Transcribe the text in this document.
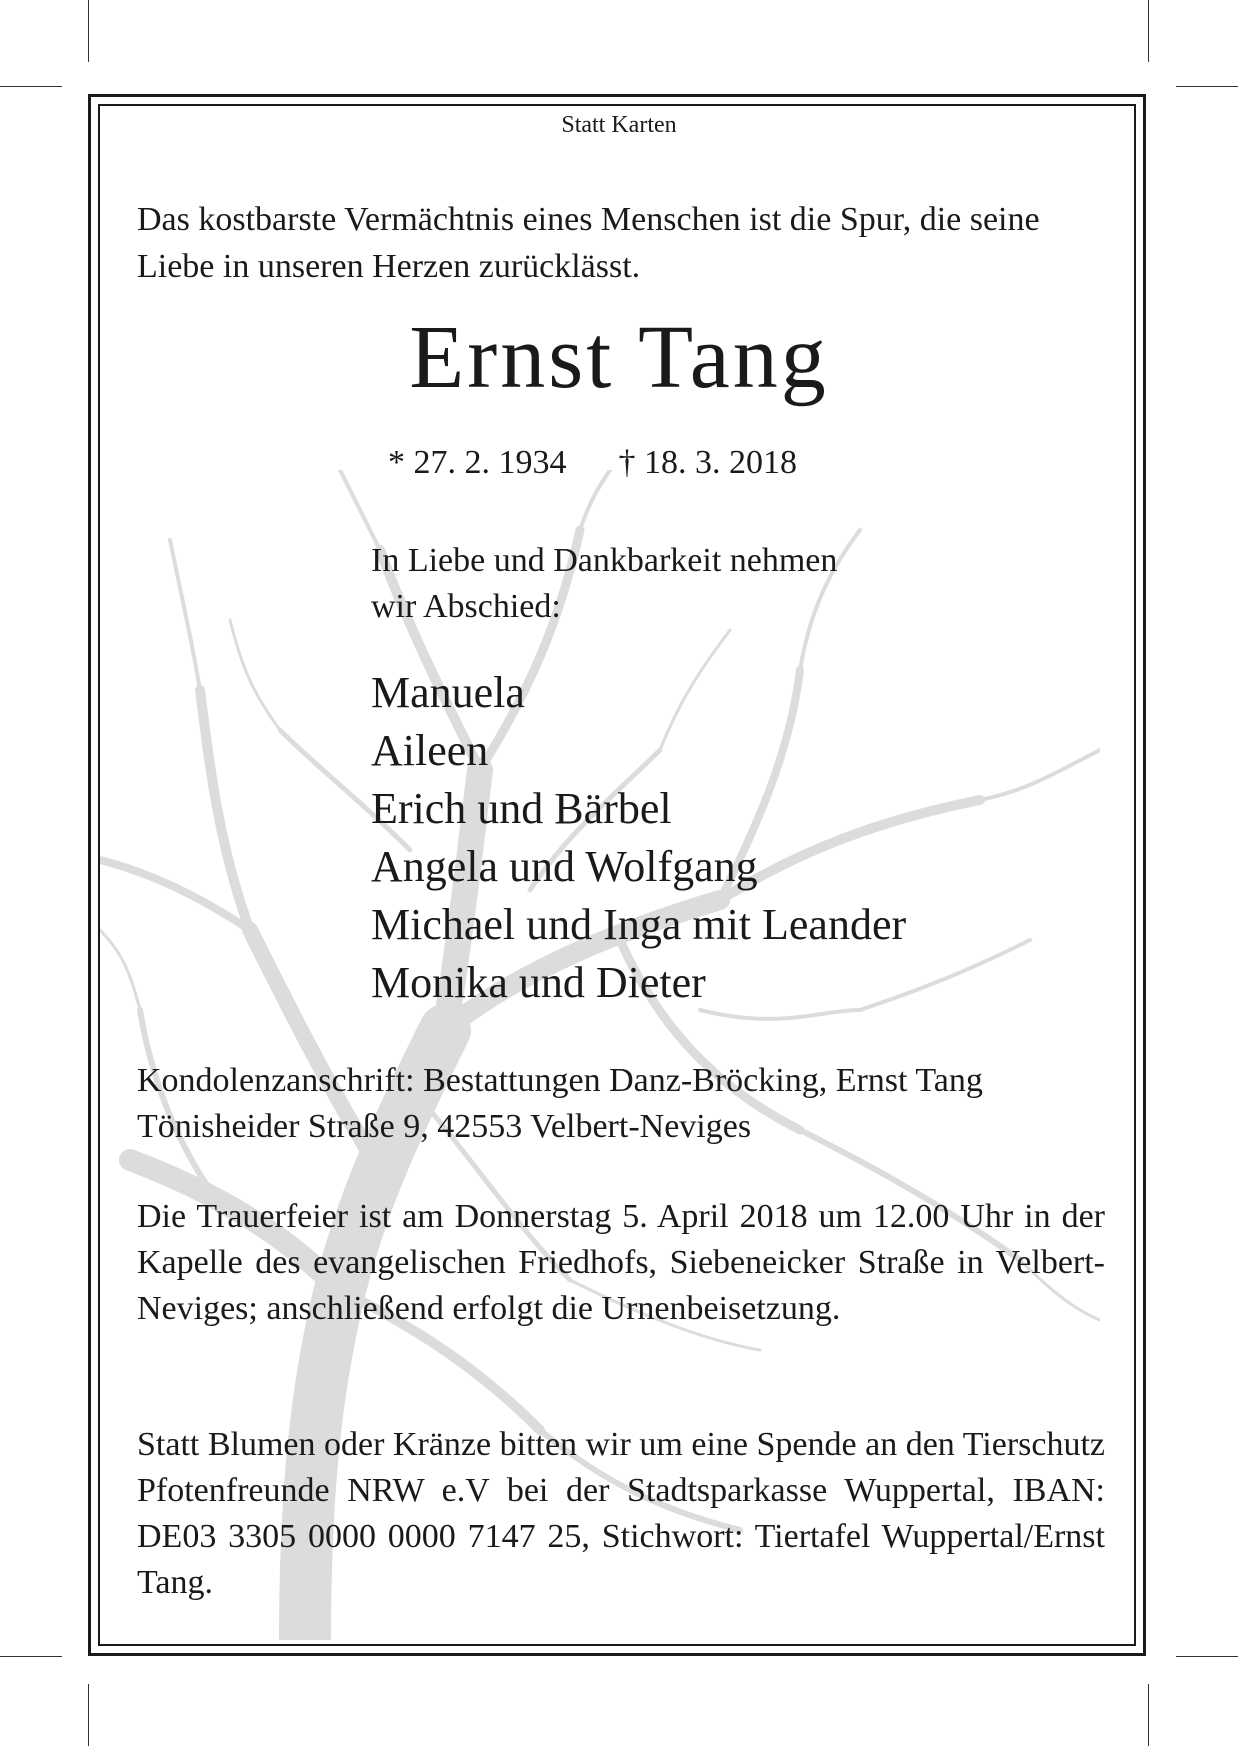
Statt Karten

Das kostbarste Vermächtnis eines Menschen ist die Spur, die seine Liebe in unseren Herzen zurücklässt.

Ernst Tang

* 27. 2. 1934 † 18. 3. 2018

In Liebe und Dankbarkeit nehmen
wir Abschied:

Manuela
Aileen
Erich und Bärbel
Angela und Wolfgang
Michael und Inga mit Leander
Monika und Dieter

Kondolenzanschrift: Bestattungen Danz-Bröcking, Ernst Tang
Tönisheider Straße 9, 42553 Velbert-Neviges

Die Trauerfeier ist am Donnerstag 5. April 2018 um 12.00 Uhr in der Kapelle des evangelischen Friedhofs, Siebeneicker Straße in Velbert-Neviges; anschließend erfolgt die Urnenbeisetzung.

Statt Blumen oder Kränze bitten wir um eine Spende an den Tierschutz Pfotenfreunde NRW e.V bei der Stadtsparkasse Wuppertal, IBAN: DE03 3305 0000 0000 7147 25, Stichwort: Tiertafel Wuppertal/Ernst Tang.
